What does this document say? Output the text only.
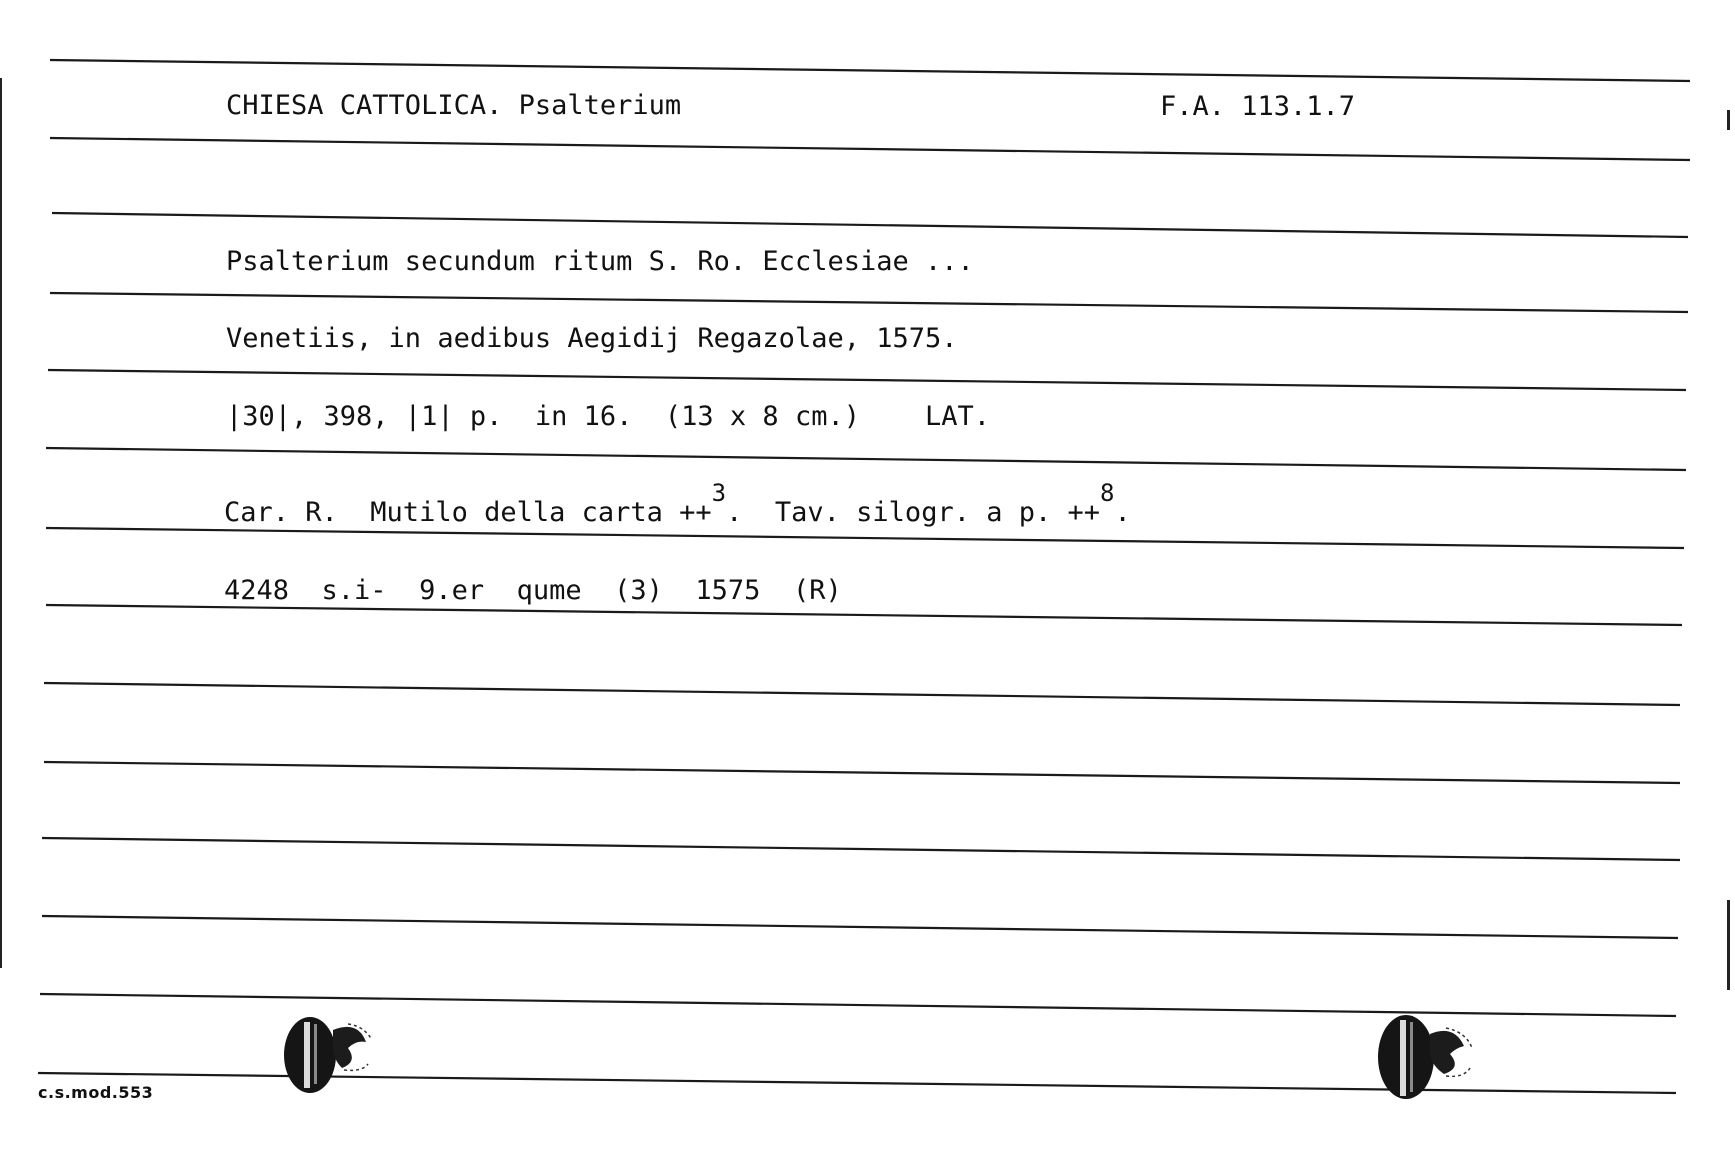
CHIESA CATTOLICA. Psalterium	F.A. 113.1.7
Psalterium secundum ritum S. Ro. Ecclesiae ...
Venetiis, in aedibus Aegidij Regazolae, 1575.
|30|, 398, |1| p.  in 16.  (13 x 8 cm.)    LAT.
Car. R.  Mutilo della carta ++3.  Tav. silogr. a p. ++8.
4248  s.i-  9.er  qume  (3)  1575  (R)
c.s.mod.553
